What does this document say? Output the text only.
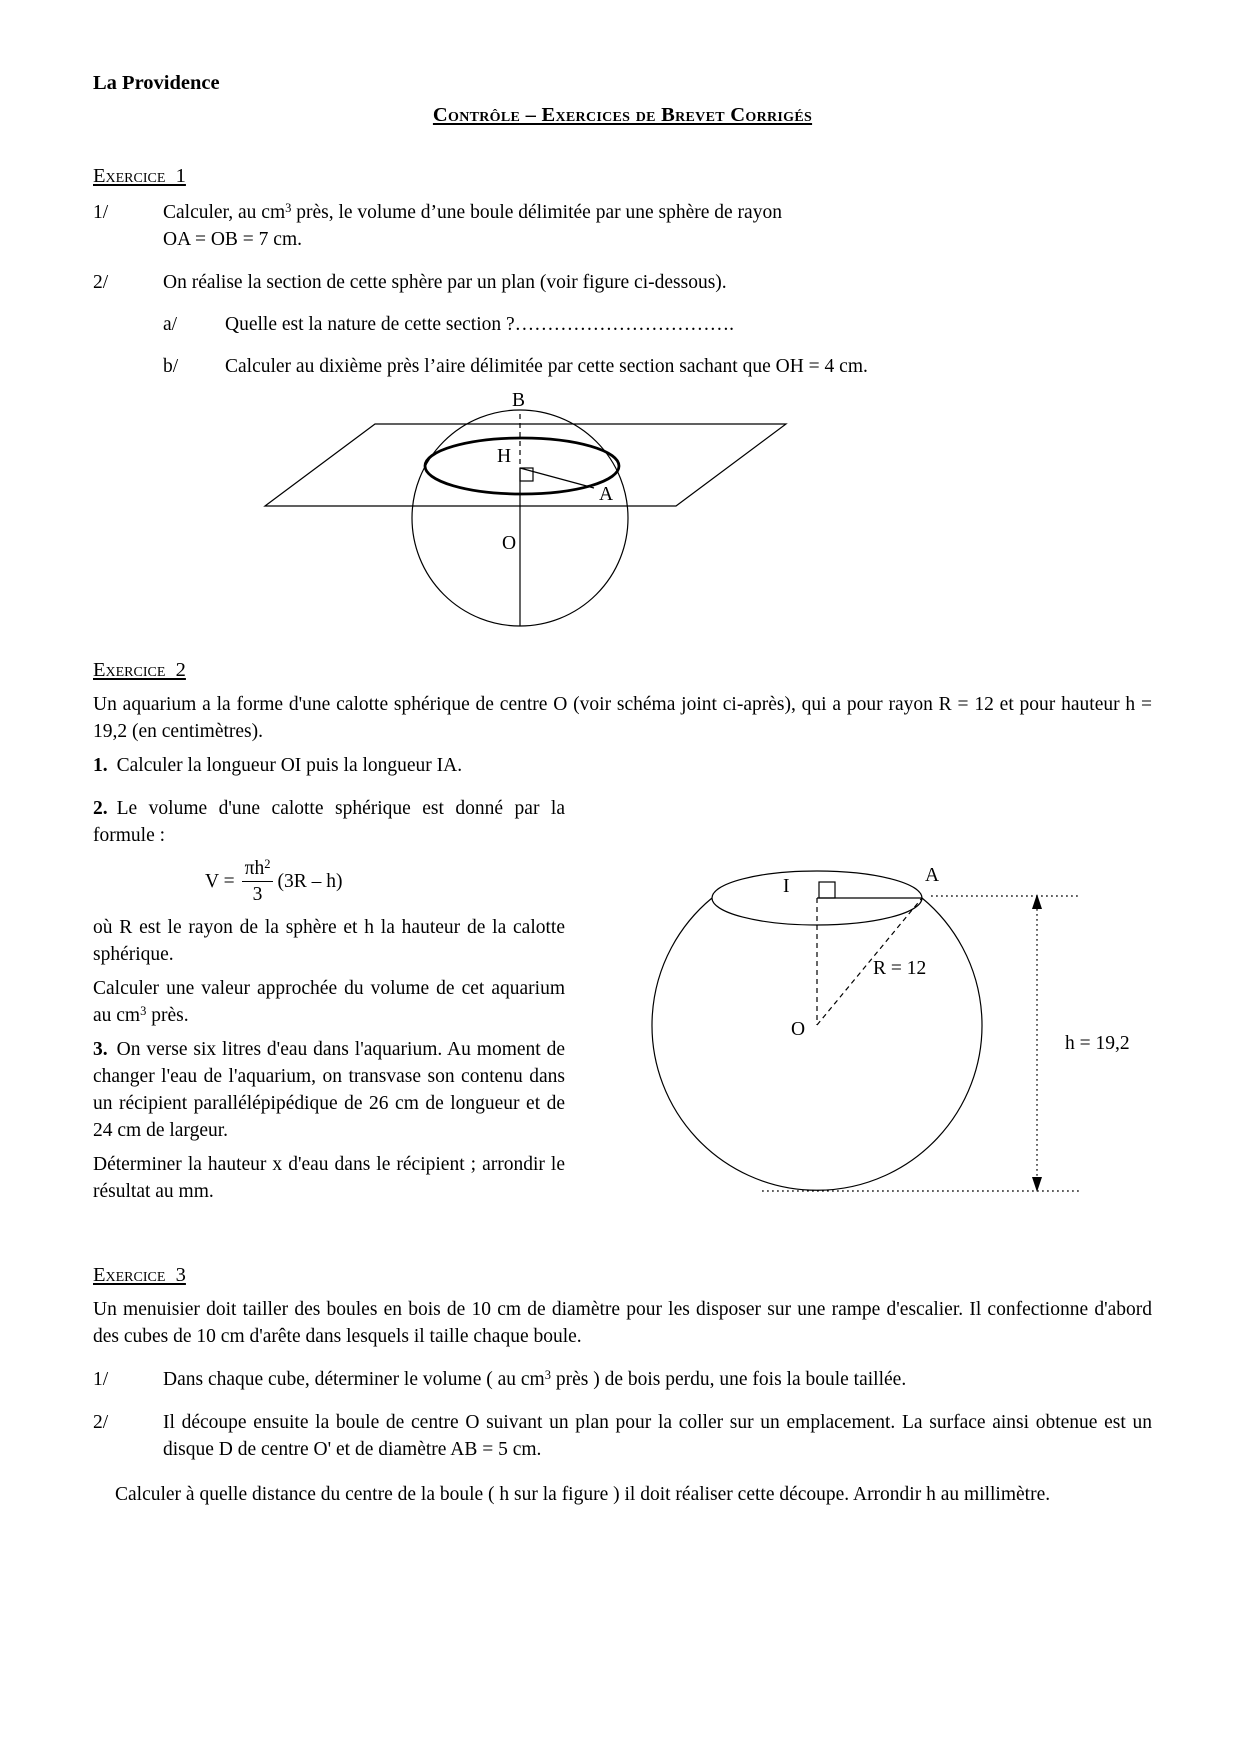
La Providence
Contrôle – Exercices de Brevet Corrigés
Exercice  1
1/	Calculer, au $cm^3$ près, le volume d’une boule délimitée par une sphère de rayon
OA = OB = 7 cm.
2/	On réalise la section de cette sphère par un plan (voir figure ci-dessous).
a/	Quelle est la nature de cette section ?…………………………….
b/	Calculer au dixième près l’aire délimitée par cette section sachant que OH = 4 cm.
B
H
A
O
Exercice  2
Un aquarium a la forme d'une calotte sphérique de centre O (voir schéma joint ci-après), qui a pour rayon R = 12 et pour hauteur h = 19,2 (en centimètres).
1. Calculer la longueur OI puis la longueur IA.
2. Le volume d'une calotte sphérique est donné par la formule :
$V = \frac{\pi h^2}{3} (3R - h)$
où R est le rayon de la sphère et h la hauteur de la calotte sphérique.
Calculer une valeur approchée du volume de cet aquarium au $cm^3$ près.
3. On verse six litres d'eau dans l'aquarium. Au moment de changer l'eau de l'aquarium, on transvase son contenu dans un récipient parallélépipédique de 26 cm de longueur et de 24 cm de largeur.
Déterminer la hauteur x d'eau dans le récipient ; arrondir le résultat au mm.
I
A
O
R = 12
h = 19,2
Exercice  3
Un menuisier doit tailler des boules en bois de 10 cm de diamètre pour les disposer sur une rampe d'escalier. Il confectionne d'abord des cubes de 10 cm d'arête dans lesquels il taille chaque boule.
1/	Dans chaque cube, déterminer le volume ( au $cm^3$ près ) de bois perdu, une fois la boule taillée.
2/	Il découpe ensuite la boule de centre O suivant un plan pour la coller sur un emplacement. La surface ainsi obtenue est un disque D de centre O' et de diamètre AB = 5 cm.
Calculer à quelle distance du centre de la boule ( h sur la figure ) il doit réaliser cette découpe. Arrondir h au millimètre.
